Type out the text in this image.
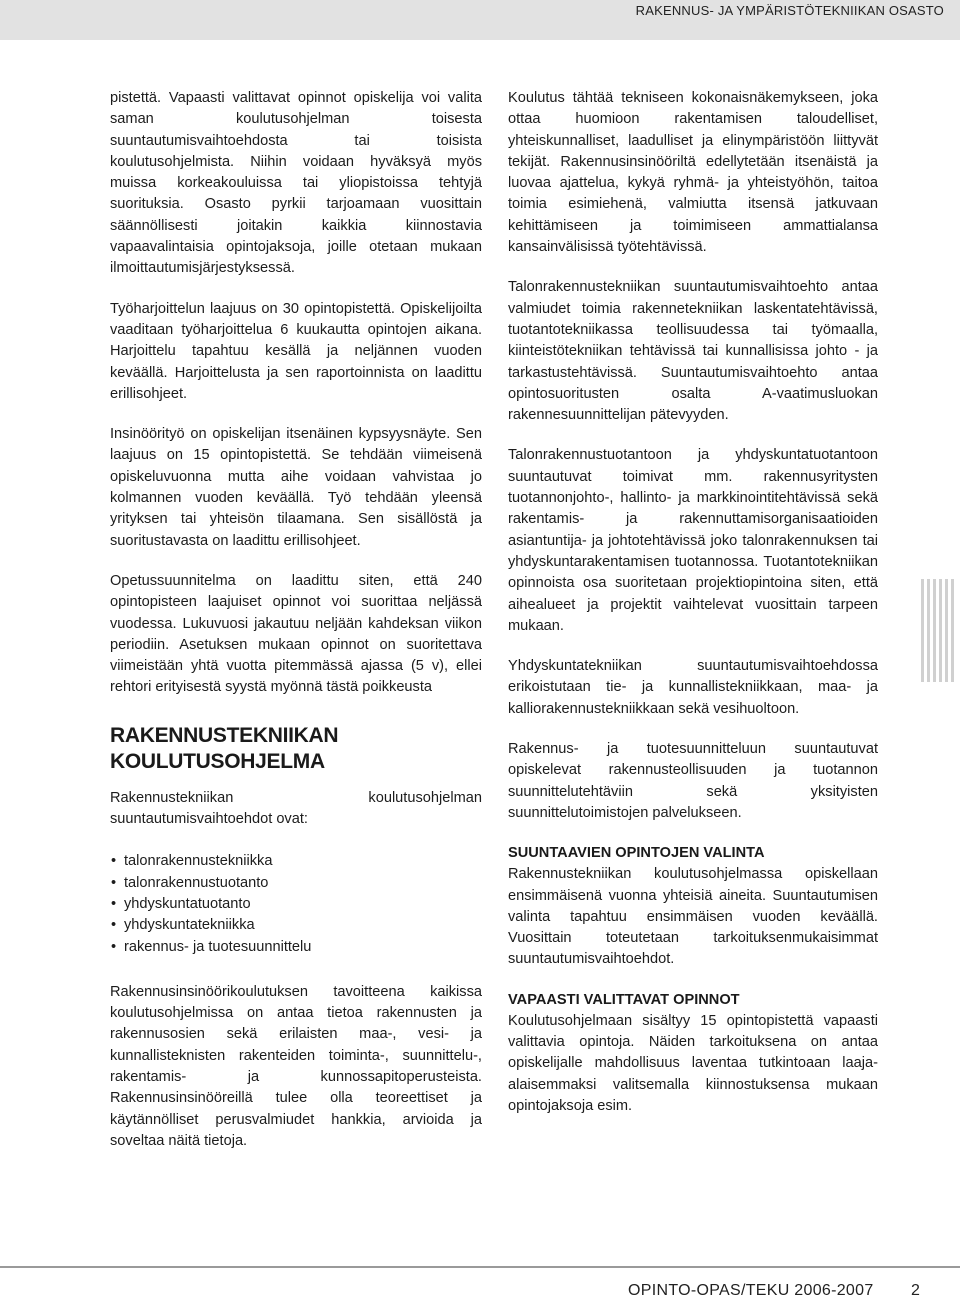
RAKENNUS- JA YMPÄRISTÖTEKNIIKAN OSASTO

pistettä. Vapaasti valittavat opinnot opiskelija voi valita saman koulutusohjelman toisesta suuntautumisvaihtoehdosta tai toisista koulutusohjelmista. Niihin voidaan hyväksyä myös muissa korkeakouluissa tai yliopistoissa tehtyjä suorituksia. Osasto pyrkii tarjoamaan vuosittain säännöllisesti joitakin kaikkia kiinnostavia vapaavalintaisia opintojaksoja, joille otetaan mukaan ilmoittautumisjärjestyksessä.

Työharjoittelun laajuus on 30 opintopistettä. Opiskelijoilta vaaditaan työharjoittelua 6 kuukautta opintojen aikana. Harjoittelu tapahtuu kesällä ja neljännen vuoden keväällä. Harjoittelusta ja sen raportoinnista on laadittu erillisohjeet.

Insinöörityö on opiskelijan itsenäinen kypsyysnäyte. Sen laajuus on 15 opintopistettä. Se tehdään viimeisenä opiskeluvuonna mutta aihe voidaan vahvistaa jo kolmannen vuoden keväällä. Työ tehdään yleensä yrityksen tai yhteisön tilaamana. Sen sisällöstä ja suoritustavasta on laadittu erillisohjeet.

Opetussuunnitelma on laadittu siten, että 240 opintopisteen laajuiset opinnot voi suorittaa neljässä vuodessa. Lukuvuosi jakautuu neljään kahdeksan viikon periodiin. Asetuksen mukaan opinnot on suoritettava viimeistään yhtä vuotta pitemmässä ajassa (5 v), ellei rehtori erityisestä syystä myönnä tästä poikkeusta

RAKENNUSTEKNIIKAN
KOULUTUSOHJELMA

Rakennustekniikan koulutusohjelman suuntautumisvaihtoehdot ovat:

• talonrakennustekniikka
• talonrakennustuotanto
• yhdyskuntatuotanto
• yhdyskuntatekniikka
• rakennus- ja tuotesuunnittelu

Rakennusinsinöörikoulutuksen tavoitteena kaikissa koulutusohjelmissa on antaa tietoa rakennusten ja rakennusosien sekä erilaisten maa-, vesi- ja kunnallisteknisten rakenteiden toiminta-, suunnittelu-, rakentamis- ja kunnossapitoperusteista. Rakennusinsinööreillä tulee olla teoreettiset ja käytännölliset perusvalmiudet hankkia, arvioida ja soveltaa näitä tietoja.

Koulutus tähtää tekniseen kokonaisnäkemykseen, joka ottaa huomioon rakentamisen taloudelliset, yhteiskunnalliset, laadulliset ja elinympäristöön liittyvät tekijät. Rakennusinsinööriltä edellytetään itsenäistä ja luovaa ajattelua, kykyä ryhmä- ja yhteistyöhön, taitoa toimia esimiehenä, valmiutta itsensä jatkuvaan kehittämiseen ja toimimiseen ammattialansa kansainvälisissä työtehtävissä.

Talonrakennustekniikan suuntautumisvaihtoehto antaa valmiudet toimia rakennetekniikan laskentatehtävissä, tuotantotekniikassa teollisuudessa tai työmaalla, kiinteistötekniikan tehtävissä tai kunnallisissa johto - ja tarkastustehtävissä. Suuntautumisvaihtoehto antaa opintosuoritusten osalta A-vaatimusluokan rakennesuunnittelijan pätevyyden.

Talonrakennustuotantoon ja yhdyskuntatuotantoon suuntautuvat toimivat mm. rakennusyritysten tuotannonjohto-, hallinto- ja markkinointitehtävissä sekä rakentamis- ja rakennuttamisorganisaatioiden asiantuntija- ja johtotehtävissä joko talonrakennuksen tai yhdyskuntarakentamisen tuotannossa. Tuotantotekniikan opinnoista osa suoritetaan projektiopintoina siten, että aihealueet ja projektit vaihtelevat vuosittain tarpeen mukaan.

Yhdyskuntatekniikan suuntautumisvaihtoehdossa erikoistutaan tie- ja kunnallistekniikkaan, maa- ja kalliorakennustekniikkaan sekä vesihuoltoon.

Rakennus- ja tuotesuunnitteluun suuntautuvat opiskelevat rakennusteollisuuden ja tuotannon suunnittelutehtäviin sekä yksityisten suunnittelutoimistojen palvelukseen.

SUUNTAAVIEN OPINTOJEN VALINTA

Rakennustekniikan koulutusohjelmassa opiskellaan ensimmäisenä vuonna yhteisiä aineita. Suuntautumisen valinta tapahtuu ensimmäisen vuoden keväällä. Vuosittain toteutetaan tarkoituksenmukaisimmat suuntautumisvaihtoehdot.

VAPAASTI VALITTAVAT OPINNOT

Koulutusohjelmaan sisältyy 15 opintopistettä vapaasti valittavia opintoja. Näiden tarkoituksena on antaa opiskelijalle mahdollisuus laventaa tutkintoaan laaja-alaisemmaksi valitsemalla kiinnostuksensa mukaan opintojaksoja esim.

OPINTO-OPAS/TEKU 2006-2007 2
